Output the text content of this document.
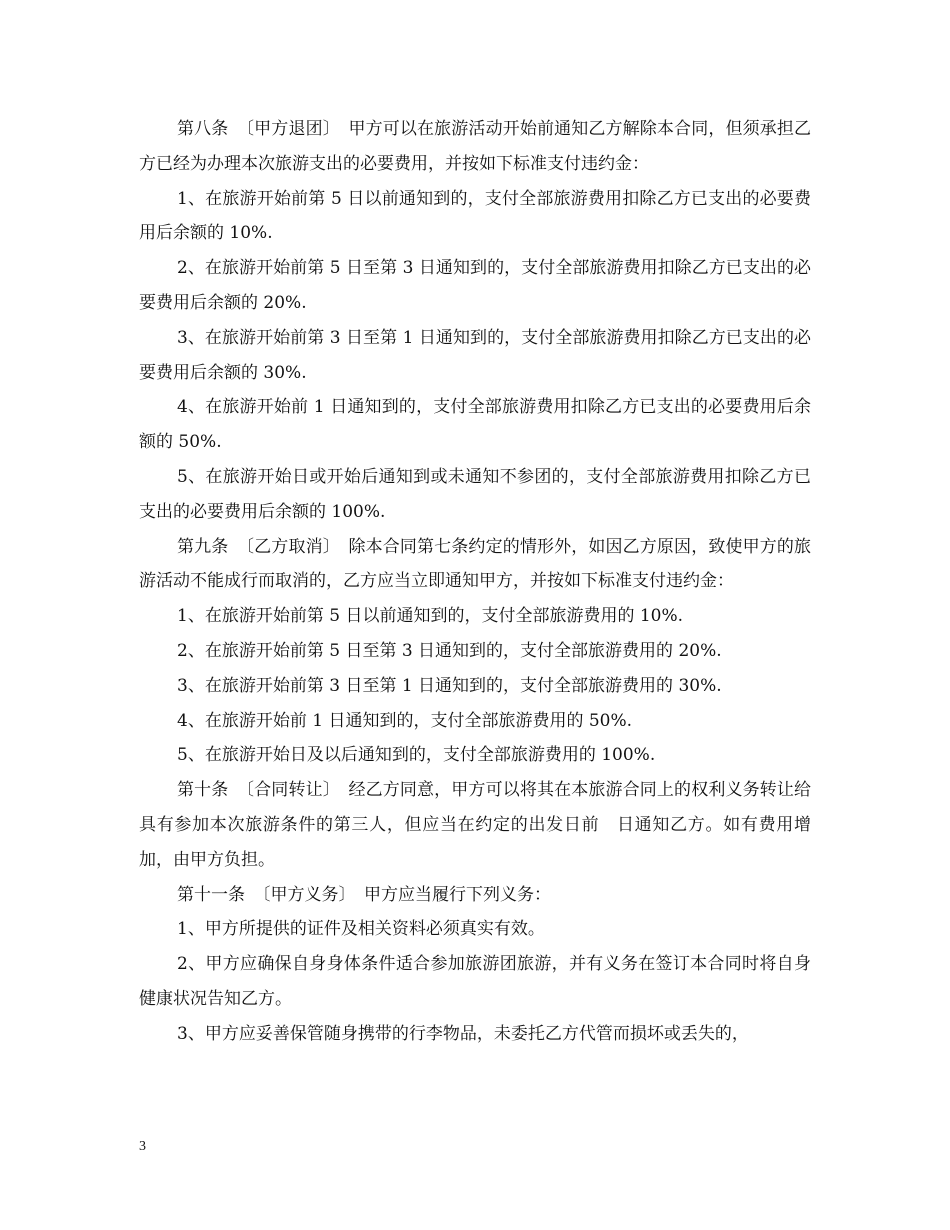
第八条　〔甲方退团〕　甲方可以在旅游活动开始前通知乙方解除本合同，但须承担乙方已经为办理本次旅游支出的必要费用，并按如下标准支付违约金：

1、在旅游开始前第 5 日以前通知到的，支付全部旅游费用扣除乙方已支出的必要费用后余额的 10%.

2、在旅游开始前第 5 日至第 3 日通知到的，支付全部旅游费用扣除乙方已支出的必要费用后余额的 20%.

3、在旅游开始前第 3 日至第 1 日通知到的，支付全部旅游费用扣除乙方已支出的必要费用后余额的 30%.

4、在旅游开始前 1 日通知到的，支付全部旅游费用扣除乙方已支出的必要费用后余额的 50%.

5、在旅游开始日或开始后通知到或未通知不参团的，支付全部旅游费用扣除乙方已支出的必要费用后余额的 100%.

第九条　〔乙方取消〕　除本合同第七条约定的情形外，如因乙方原因，致使甲方的旅游活动不能成行而取消的，乙方应当立即通知甲方，并按如下标准支付违约金：

1、在旅游开始前第 5 日以前通知到的，支付全部旅游费用的 10%.

2、在旅游开始前第 5 日至第 3 日通知到的，支付全部旅游费用的 20%.

3、在旅游开始前第 3 日至第 1 日通知到的，支付全部旅游费用的 30%.

4、在旅游开始前 1 日通知到的，支付全部旅游费用的 50%.

5、在旅游开始日及以后通知到的，支付全部旅游费用的 100%.

第十条　〔合同转让〕　经乙方同意，甲方可以将其在本旅游合同上的权利义务转让给具有参加本次旅游条件的第三人，但应当在约定的出发日前　日通知乙方。如有费用增加，由甲方负担。

第十一条　〔甲方义务〕　甲方应当履行下列义务：

1、甲方所提供的证件及相关资料必须真实有效。

2、甲方应确保自身身体条件适合参加旅游团旅游，并有义务在签订本合同时将自身健康状况告知乙方。

3、甲方应妥善保管随身携带的行李物品，未委托乙方代管而损坏或丢失的，

3
